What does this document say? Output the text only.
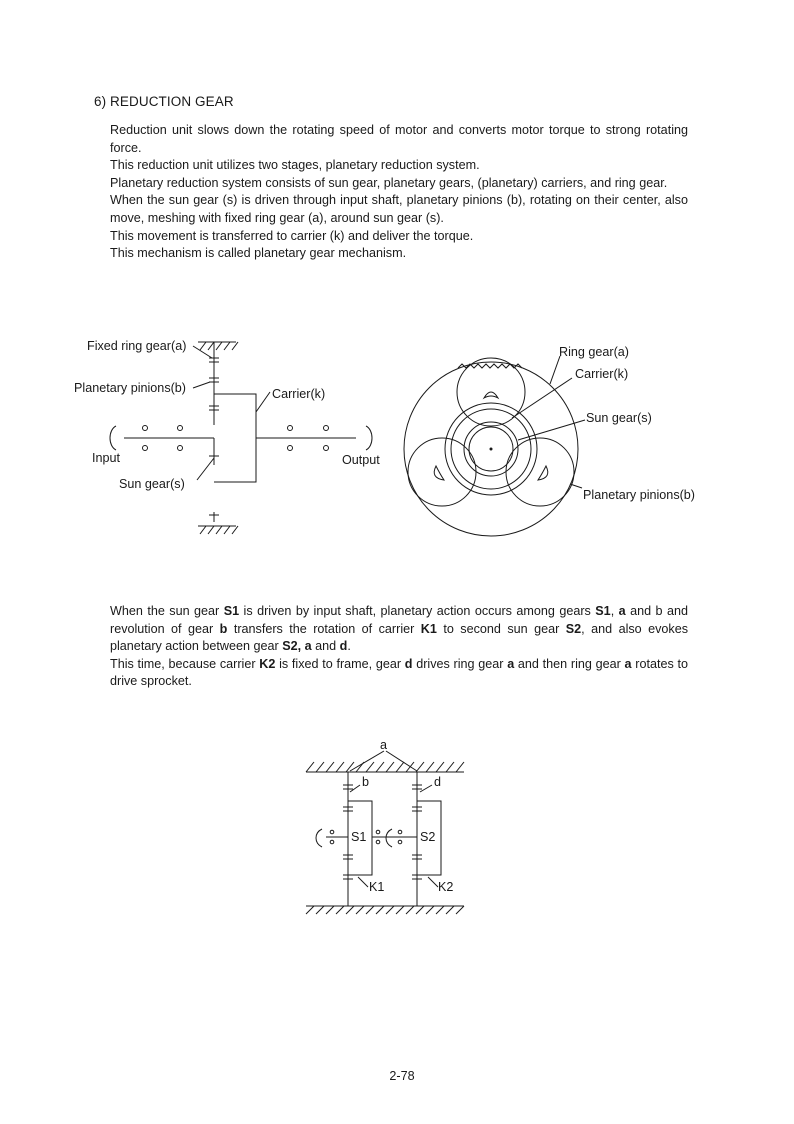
6) REDUCTION GEAR

Reduction unit slows down the rotating speed of motor and converts motor torque to strong rotating force.

This reduction unit utilizes two stages, planetary reduction system.

Planetary reduction system consists of sun gear, planetary gears, (planetary) carriers, and ring gear.

When the sun gear (s) is driven through input shaft, planetary pinions (b), rotating on their center, also move, meshing with fixed ring gear (a), around sun gear (s).

This movement is transferred to carrier (k) and deliver the torque.

This mechanism is called planetary gear mechanism.

Fixed ring gear(a)
Planetary pinions(b)	Carrier(k)
Input	Output
Sun gear(s)
Ring gear(a)
Carrier(k)
Sun gear(s)
Planetary pinions(b)

When the sun gear S1 is driven by input shaft, planetary action occurs among gears S1, a and b and revolution of gear b transfers the rotation of carrier K1 to second sun gear S2, and also evokes planetary action between gear S2, a and d.

This time, because carrier K2 is fixed to frame, gear d drives ring gear a and then ring gear a rotates to drive sprocket.

a
b	d
S1	S2
K1	K2
2-78
